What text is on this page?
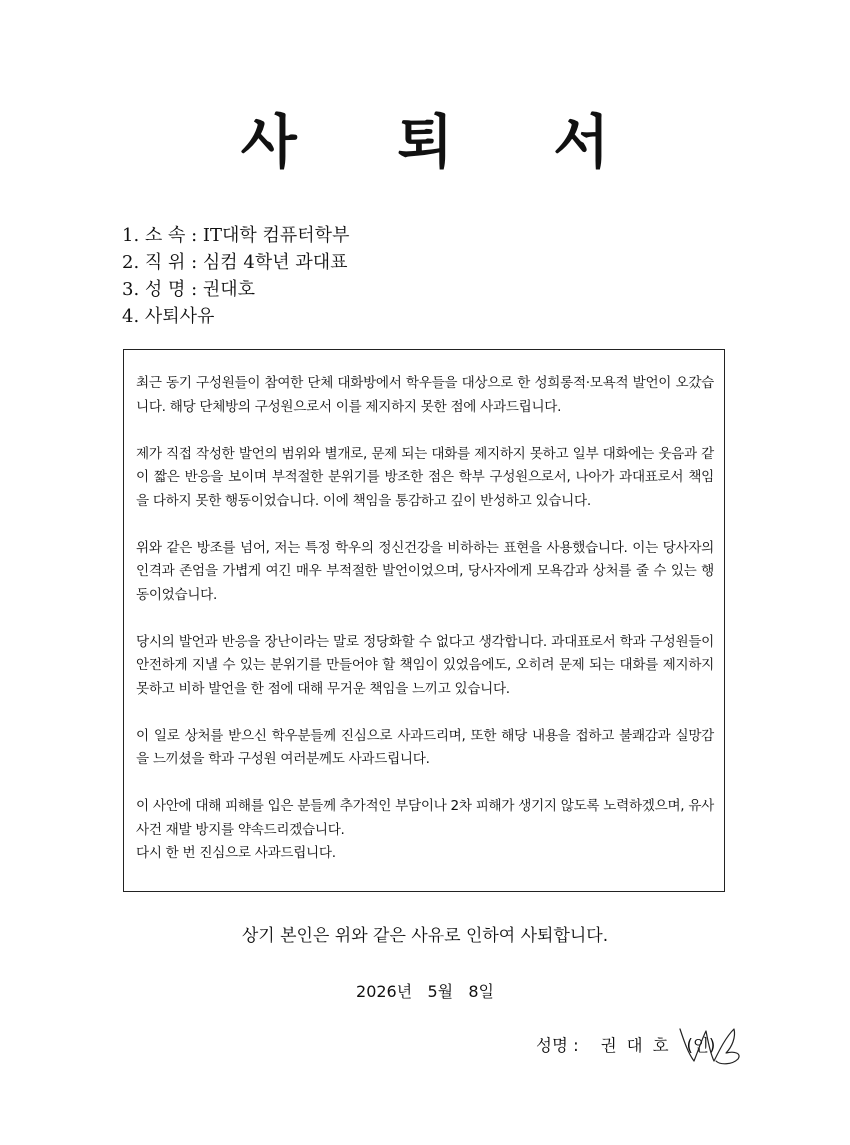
사 퇴 서
1. 소 속 : IT대학 컴퓨터학부
2. 직 위 : 심컴 4학년 과대표
3. 성 명 : 권대호
4. 사퇴사유

최근 동기 구성원들이 참여한 단체 대화방에서 학우들을 대상으로 한 성희롱적·모욕적 발언이 오갔습니다. 해당 단체방의 구성원으로서 이를 제지하지 못한 점에 사과드립니다.

제가 직접 작성한 발언의 범위와 별개로, 문제 되는 대화를 제지하지 못하고 일부 대화에는 웃음과 같이 짧은 반응을 보이며 부적절한 분위기를 방조한 점은 학부 구성원으로서, 나아가 과대표로서 책임을 다하지 못한 행동이었습니다. 이에 책임을 통감하고 깊이 반성하고 있습니다.

위와 같은 방조를 넘어, 저는 특정 학우의 정신건강을 비하하는 표현을 사용했습니다. 이는 당사자의 인격과 존엄을 가볍게 여긴 매우 부적절한 발언이었으며, 당사자에게 모욕감과 상처를 줄 수 있는 행동이었습니다.

당시의 발언과 반응을 장난이라는 말로 정당화할 수 없다고 생각합니다. 과대표로서 학과 구성원들이 안전하게 지낼 수 있는 분위기를 만들어야 할 책임이 있었음에도, 오히려 문제 되는 대화를 제지하지 못하고 비하 발언을 한 점에 대해 무거운 책임을 느끼고 있습니다.

이 일로 상처를 받으신 학우분들께 진심으로 사과드리며, 또한 해당 내용을 접하고 불쾌감과 실망감을 느끼셨을 학과 구성원 여러분께도 사과드립니다.

이 사안에 대해 피해를 입은 분들께 추가적인 부담이나 2차 피해가 생기지 않도록 노력하겠으며, 유사 사건 재발 방지를 약속드리겠습니다.

다시 한 번 진심으로 사과드립니다.

상기 본인은 위와 같은 사유로 인하여 사퇴합니다.
2026년   5월   8일
성명 : 권대호 (인)
